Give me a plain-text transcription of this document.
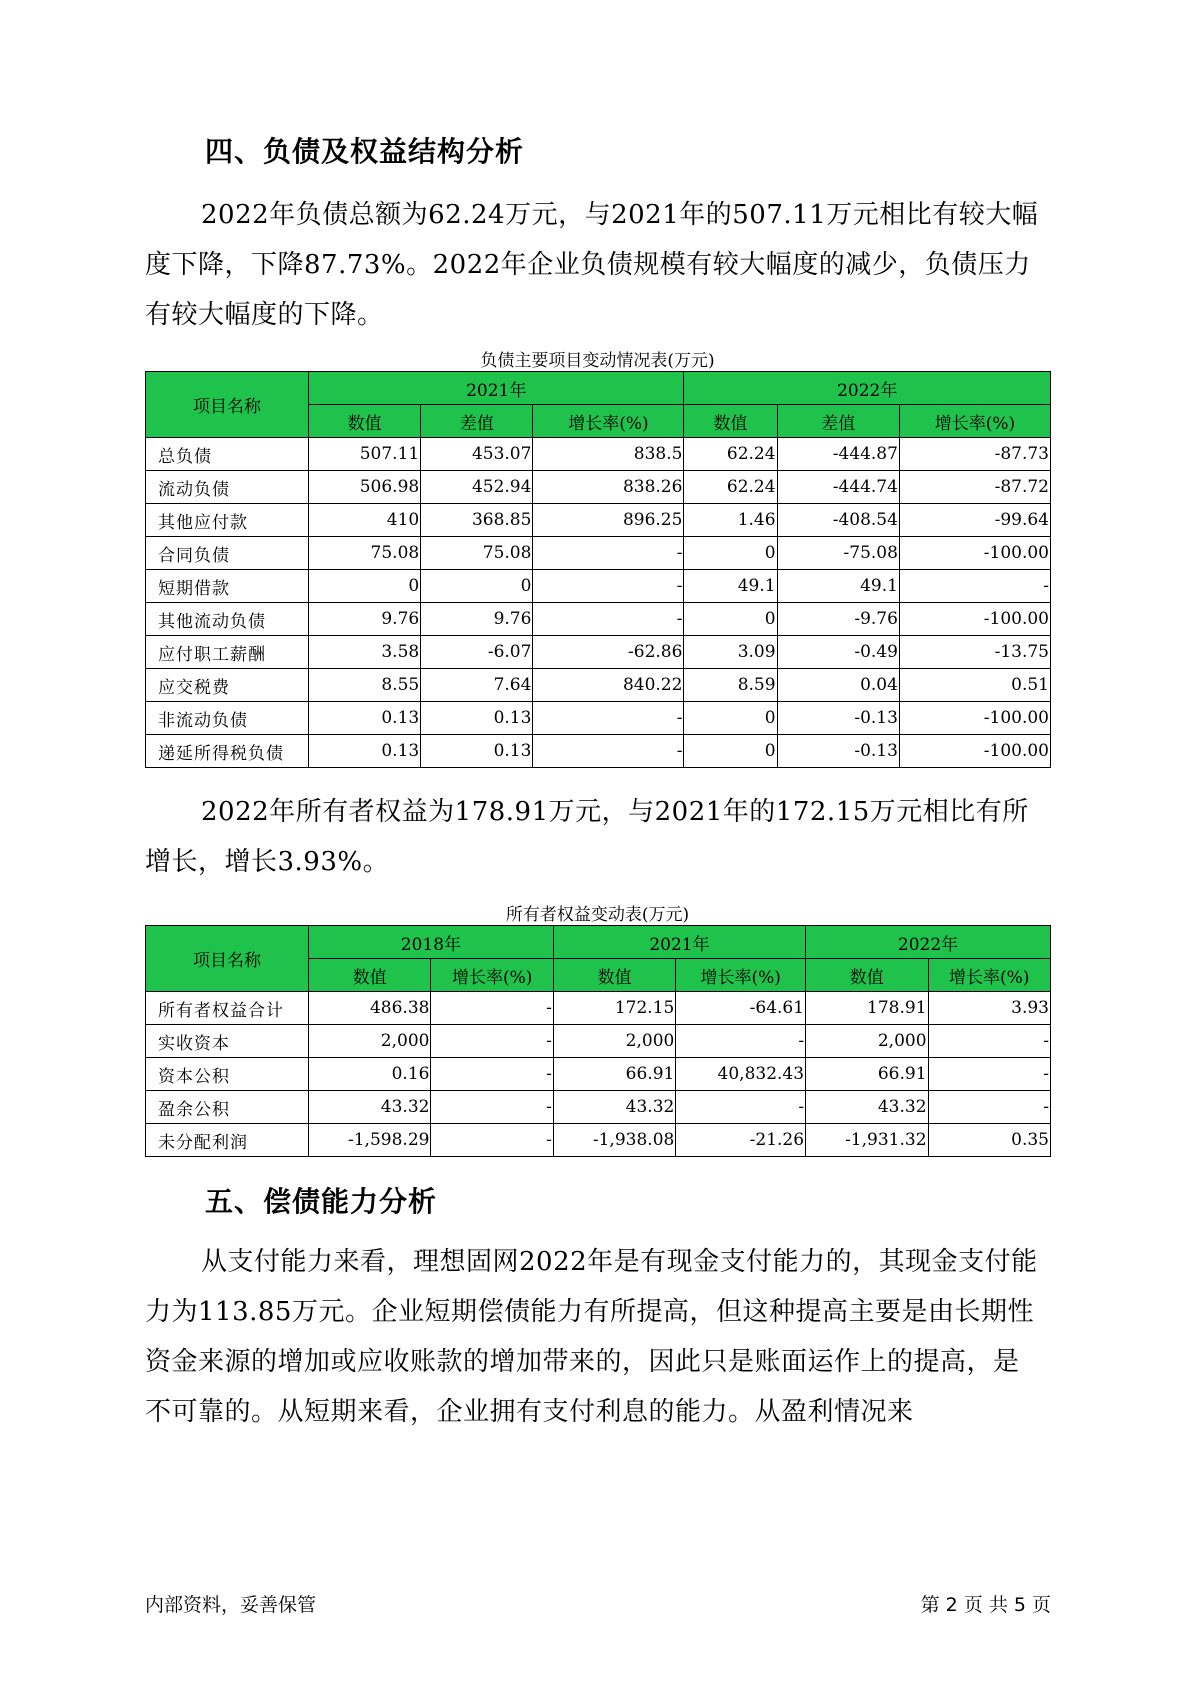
四、负债及权益结构分析

2022年负债总额为62.24万元，与2021年的507.11万元相比有较大幅度下降，下降87.73%。2022年企业负债规模有较大幅度的减少，负债压力有较大幅度的下降。

负债主要项目变动情况表(万元)

项目名称	2021年			2022年		
	数值	差值	增长率(%)	数值	差值	增长率(%)
总负债	507.11	453.07	838.5	62.24	-444.87	-87.73
流动负债	506.98	452.94	838.26	62.24	-444.74	-87.72
其他应付款	410	368.85	896.25	1.46	-408.54	-99.64
合同负债	75.08	75.08	-	0	-75.08	-100.00
短期借款	0	0	-	49.1	49.1	-
其他流动负债	9.76	9.76	-	0	-9.76	-100.00
应付职工薪酬	3.58	-6.07	-62.86	3.09	-0.49	-13.75
应交税费	8.55	7.64	840.22	8.59	0.04	0.51
非流动负债	0.13	0.13	-	0	-0.13	-100.00
递延所得税负债	0.13	0.13	-	0	-0.13	-100.00

2022年所有者权益为178.91万元，与2021年的172.15万元相比有所增长，增长3.93%。

所有者权益变动表(万元)

项目名称	2018年		2021年		2022年	
	数值	增长率(%)	数值	增长率(%)	数值	增长率(%)
所有者权益合计	486.38	-	172.15	-64.61	178.91	3.93
实收资本	2,000	-	2,000	-	2,000	-
资本公积	0.16	-	66.91	40,832.43	66.91	-
盈余公积	43.32	-	43.32	-	43.32	-
未分配利润	-1,598.29	-	-1,938.08	-21.26	-1,931.32	0.35
五、偿债能力分析

从支付能力来看，理想固网2022年是有现金支付能力的，其现金支付能力为113.85万元。企业短期偿债能力有所提高，但这种提高主要是由长期性资金来源的增加或应收账款的增加带来的，因此只是账面运作上的提高，是不可靠的。从短期来看，企业拥有支付利息的能力。从盈利情况来

内部资料，妥善保管	第 2 页 共 5 页
